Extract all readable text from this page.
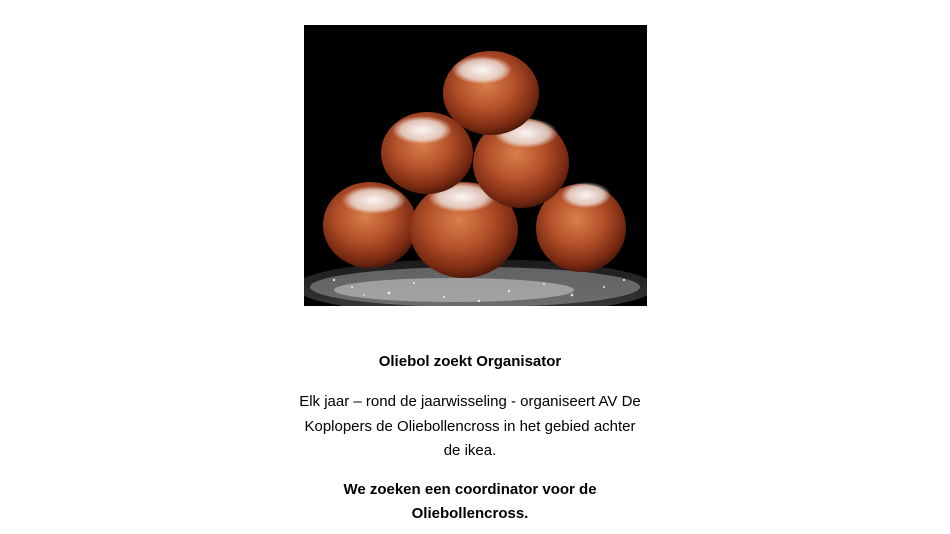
Oliebol zoekt Organisator

Elk jaar – rond de jaarwisseling - organiseert AV De
Koplopers de Oliebollencross in het gebied achter
de ikea.

We zoeken een coordinator voor de
Oliebollencross.
